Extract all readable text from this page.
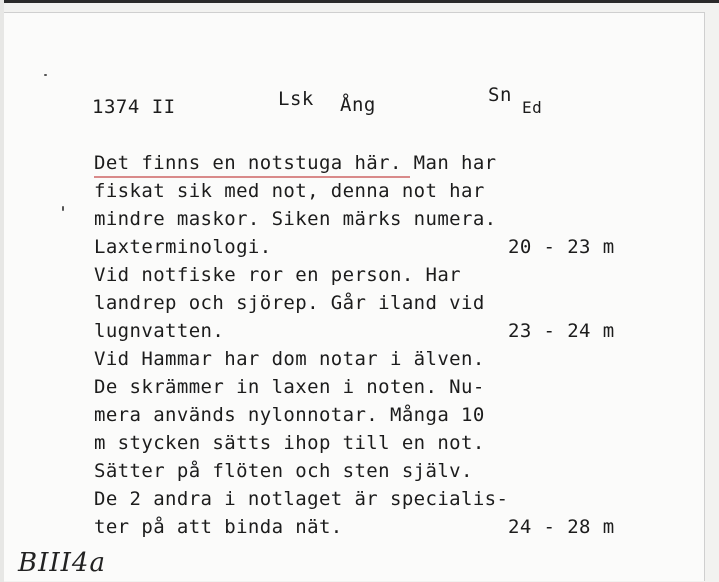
1374 II	Lsk Ång	Sn
Ed
Det finns en notstuga här. Man har
fiskat sik med not, denna not har
mindre maskor. Siken märks numera.
Laxterminologi.	20 - 23 m
Vid notfiske ror en person. Har
landrep och sjörep. Går iland vid
lugnvatten.	23 - 24 m
Vid Hammar har dom notar i älven.
De skrämmer in laxen i noten. Nu-
mera används nylonnotar. Många 10
m stycken sätts ihop till en not.
Sätter på flöten och sten själv.
De 2 andra i notlaget är specialis-
ter på att binda nät.	24 - 28 m
BIII4a
